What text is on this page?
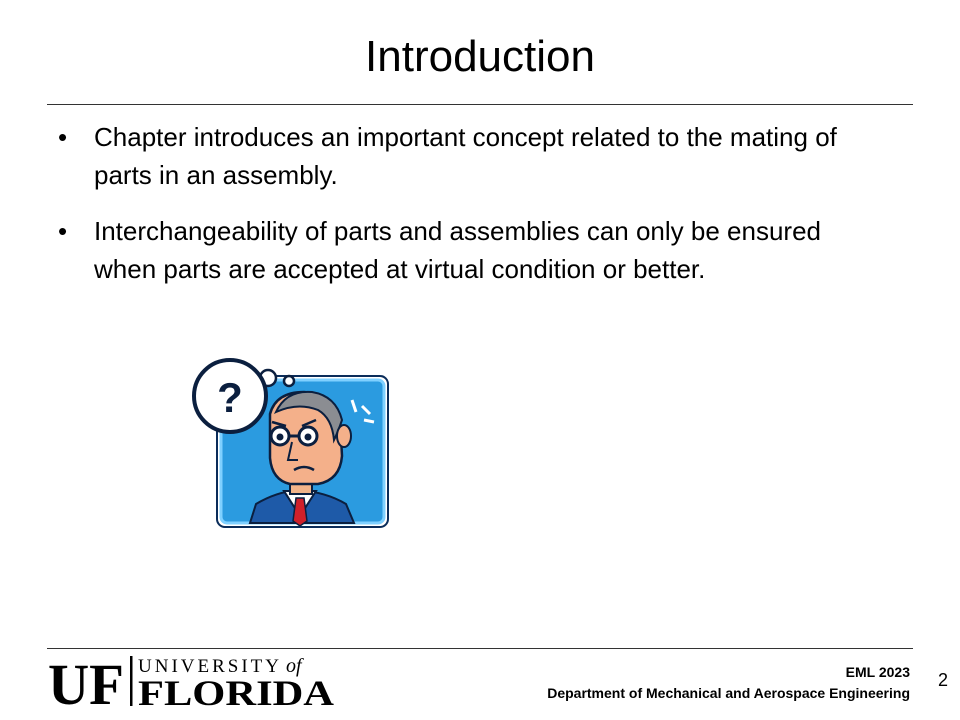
Introduction
•	Chapter introduces an important concept related to the mating of parts in an assembly.
•	Interchangeability of parts and assemblies can only be ensured when parts are accepted at virtual condition or better.
?
UF UNIVERSITY of
FLORIDA
EML 2023
Department of Mechanical and Aerospace Engineering
2
